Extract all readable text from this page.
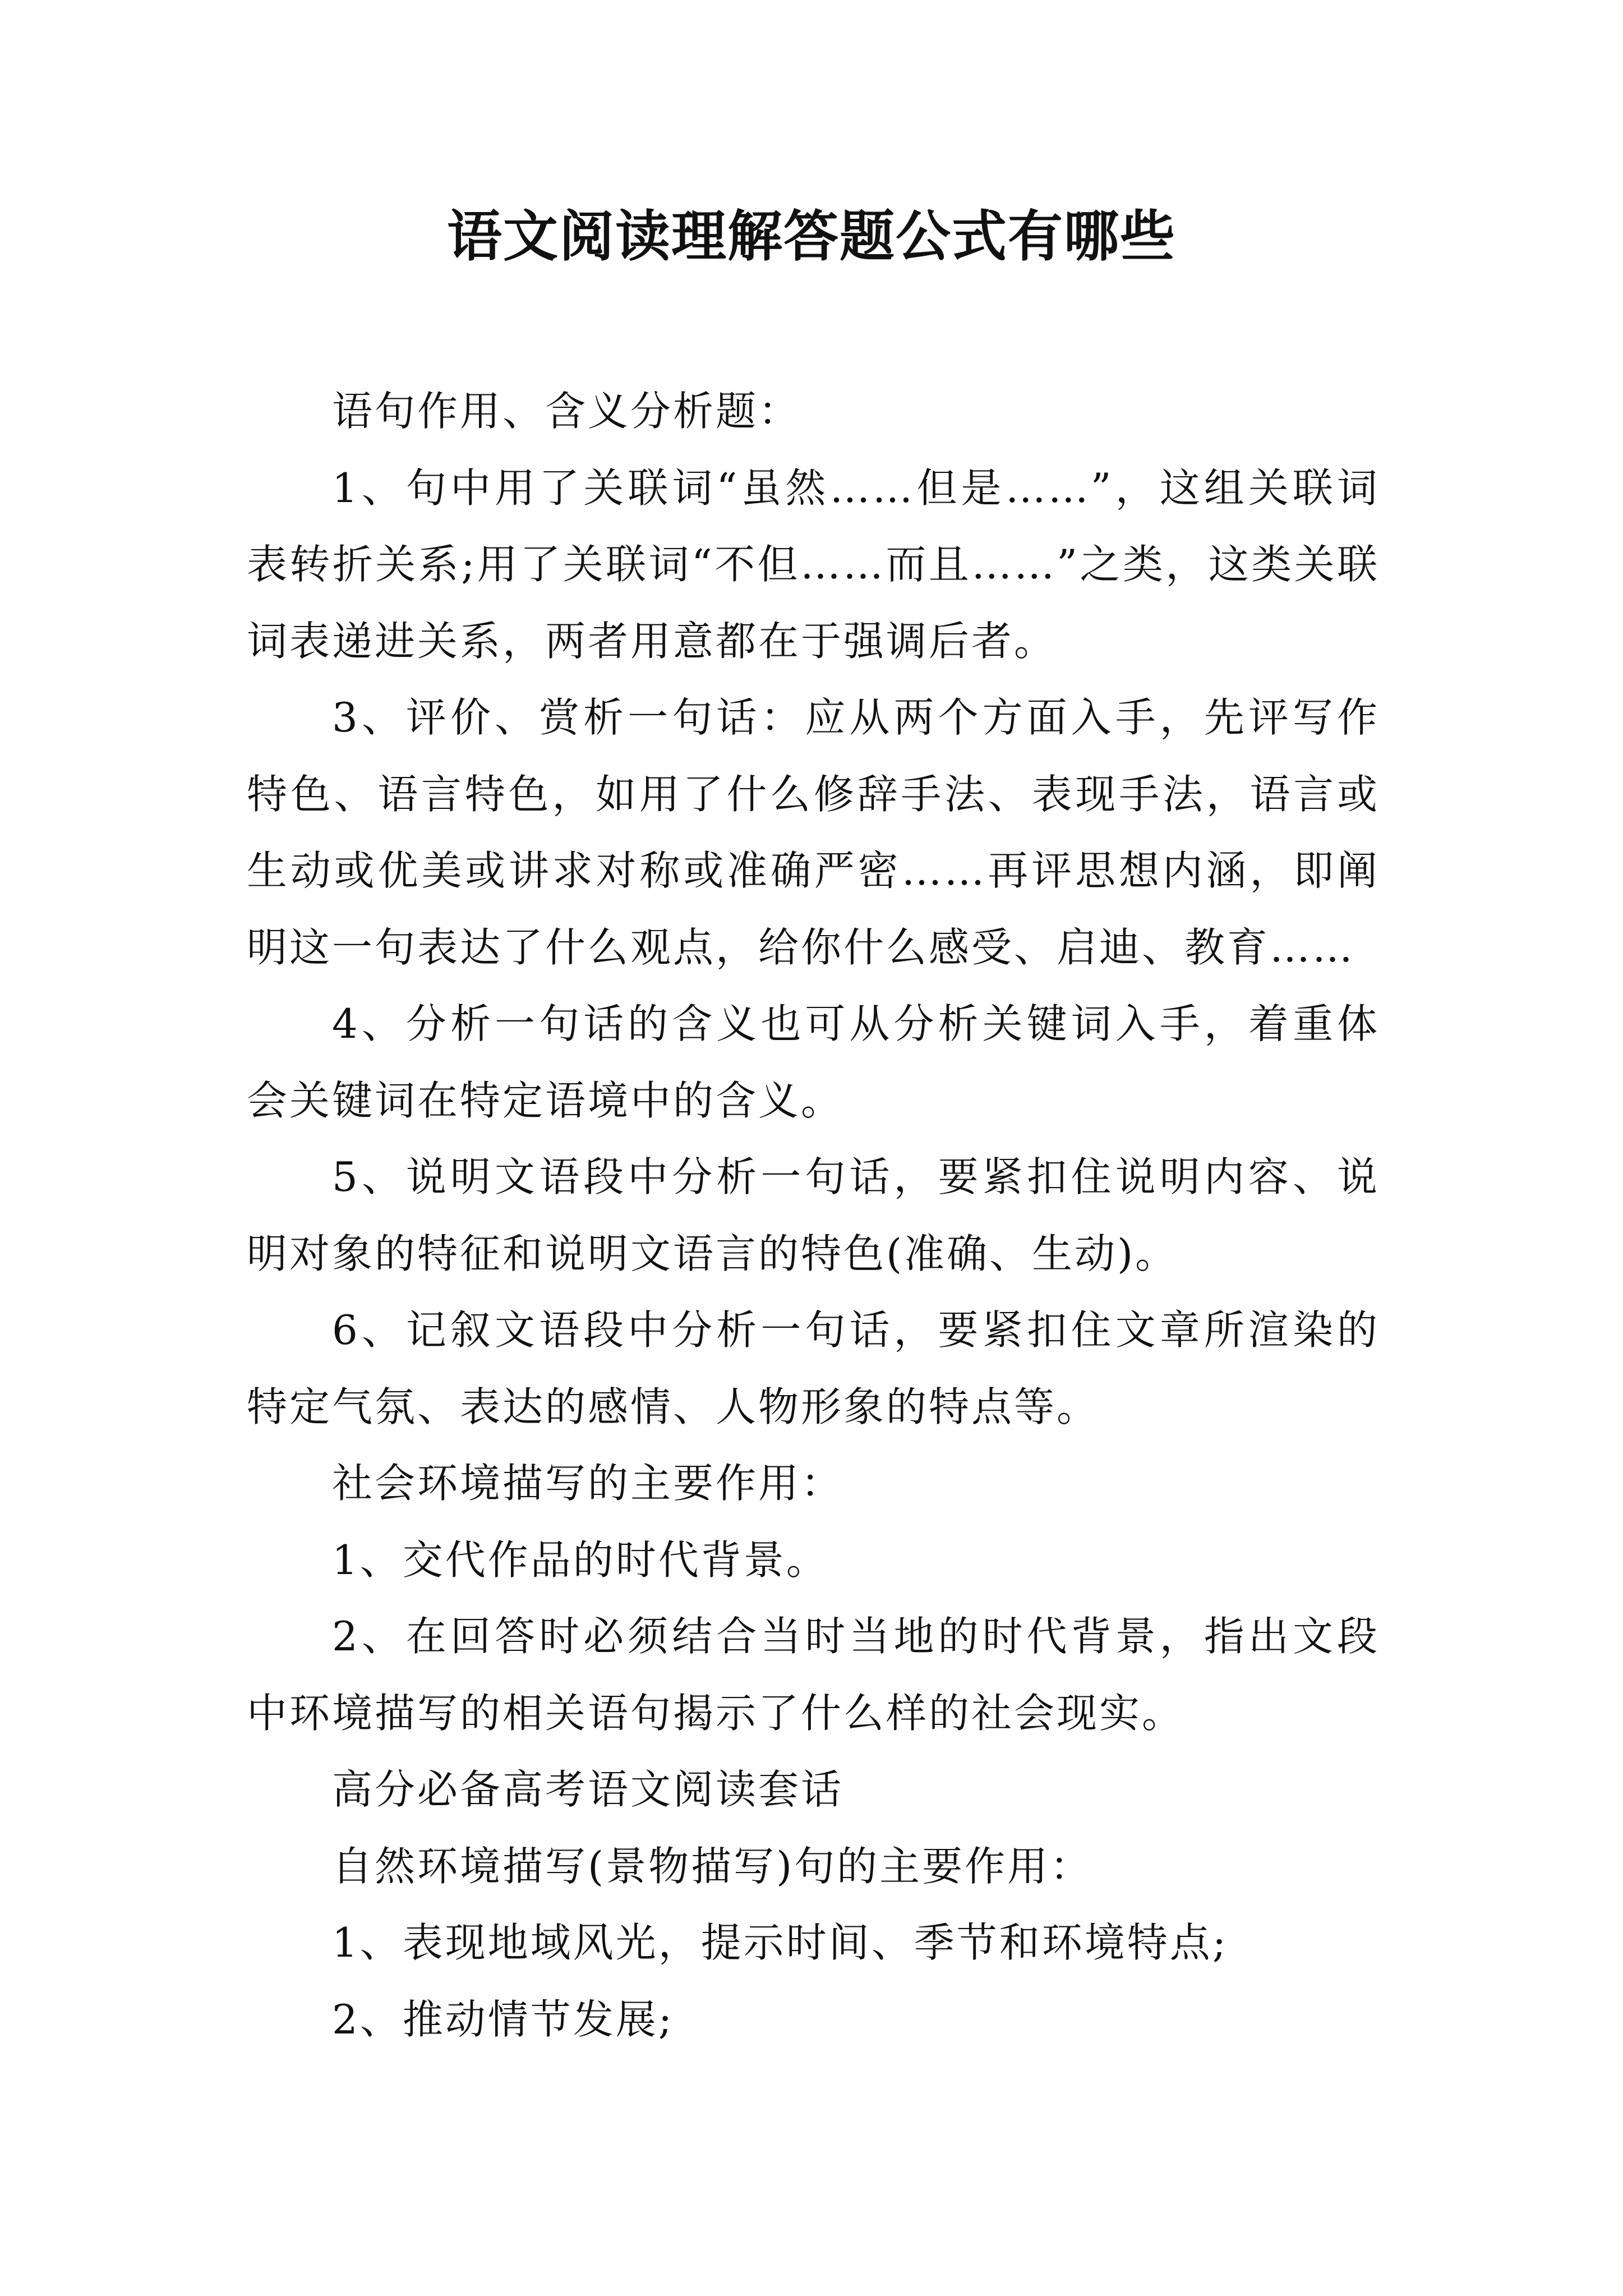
语文阅读理解答题公式有哪些

语句作用、含义分析题：

1、句中用了关联词“虽然……但是……”，这组关联词表转折关系;用了关联词“不但……而且……”之类，这类关联词表递进关系，两者用意都在于强调后者。

3、评价、赏析一句话：应从两个方面入手，先评写作特色、语言特色，如用了什么修辞手法、表现手法，语言或生动或优美或讲求对称或准确严密……再评思想内涵，即阐明这一句表达了什么观点，给你什么感受、启迪、教育……

4、分析一句话的含义也可从分析关键词入手，着重体会关键词在特定语境中的含义。

5、说明文语段中分析一句话，要紧扣住说明内容、说明对象的特征和说明文语言的特色(准确、生动)。

6、记叙文语段中分析一句话，要紧扣住文章所渲染的特定气氛、表达的感情、人物形象的特点等。

社会环境描写的主要作用：

1、交代作品的时代背景。

2、在回答时必须结合当时当地的时代背景，指出文段中环境描写的相关语句揭示了什么样的社会现实。

高分必备高考语文阅读套话

自然环境描写(景物描写)句的主要作用：

1、表现地域风光，提示时间、季节和环境特点;

2、推动情节发展;
